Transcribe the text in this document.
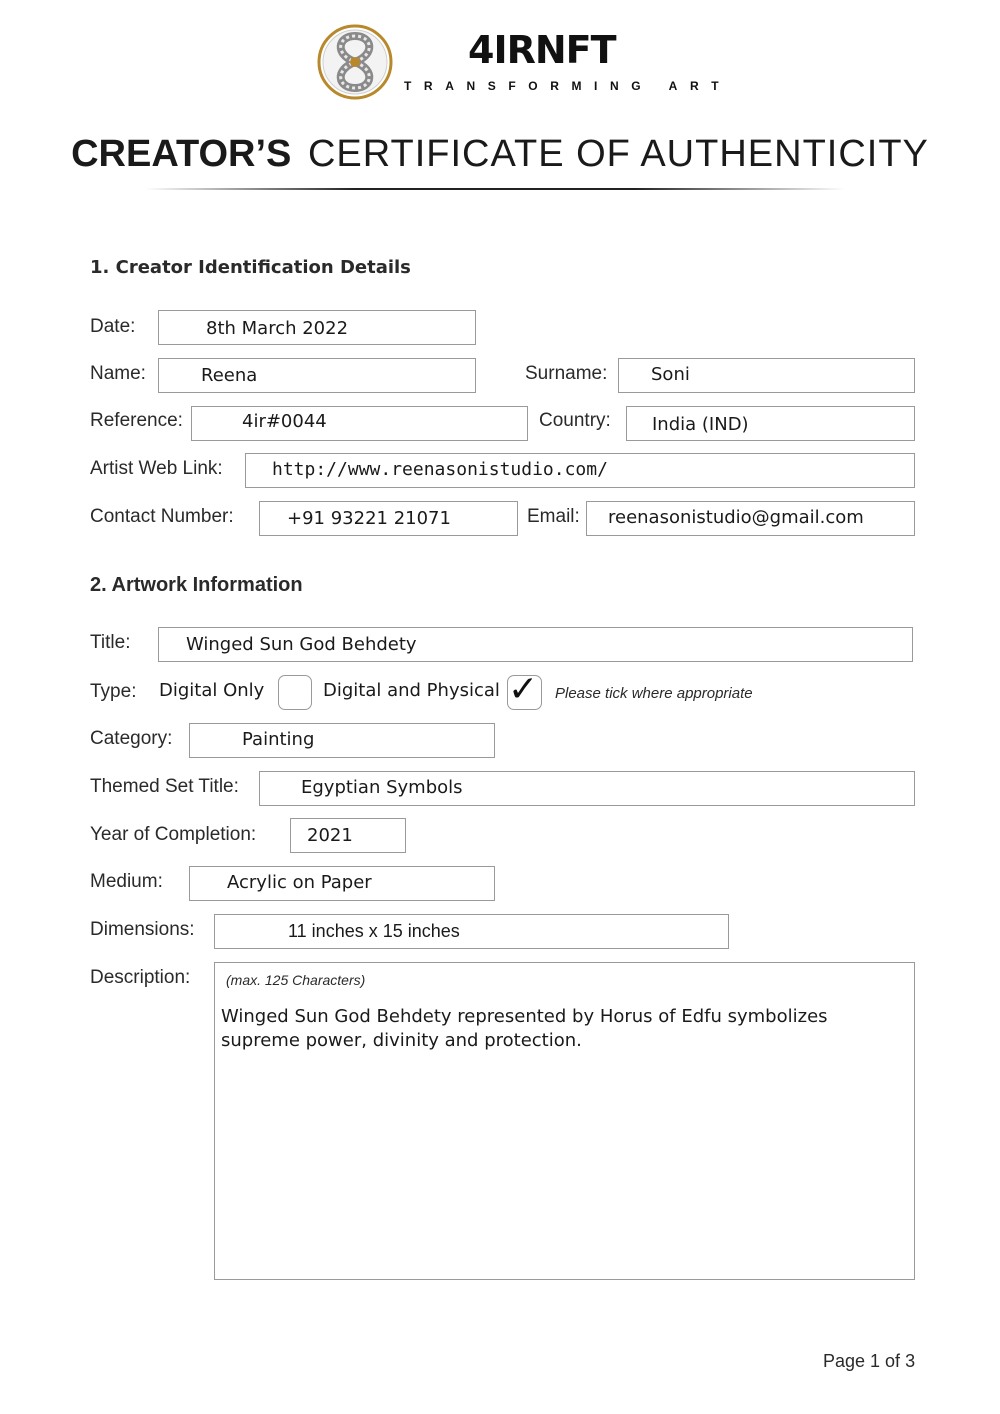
4IRNFT
TRANSFORMING ART
CREATOR’S CERTIFICATE OF AUTHENTICITY
1. Creator Identification Details
Date:	8th March 2022
Name:	Reena	Surname: Soni
Reference:	4ir#0044	Country: India (IND)
Artist Web Link:	http://www.reenasonistudio.com/
Contact Number:	+91 93221 21071	Email: reenasonistudio@gmail.com
2. Artwork Information
Title:	Winged Sun God Behdety
Type: Digital Only	Digital and Physical ✓ Please tick where appropriate
Category:	Painting
Themed Set Title:	Egyptian Symbols
Year of Completion:	2021
Medium:	Acrylic on Paper
Dimensions:	11 inches x 15 inches
Description:	(max. 125 Characters)
Winged Sun God Behdety represented by Horus of Edfu symbolizes
supreme power, divinity and protection.
Page 1 of 3
